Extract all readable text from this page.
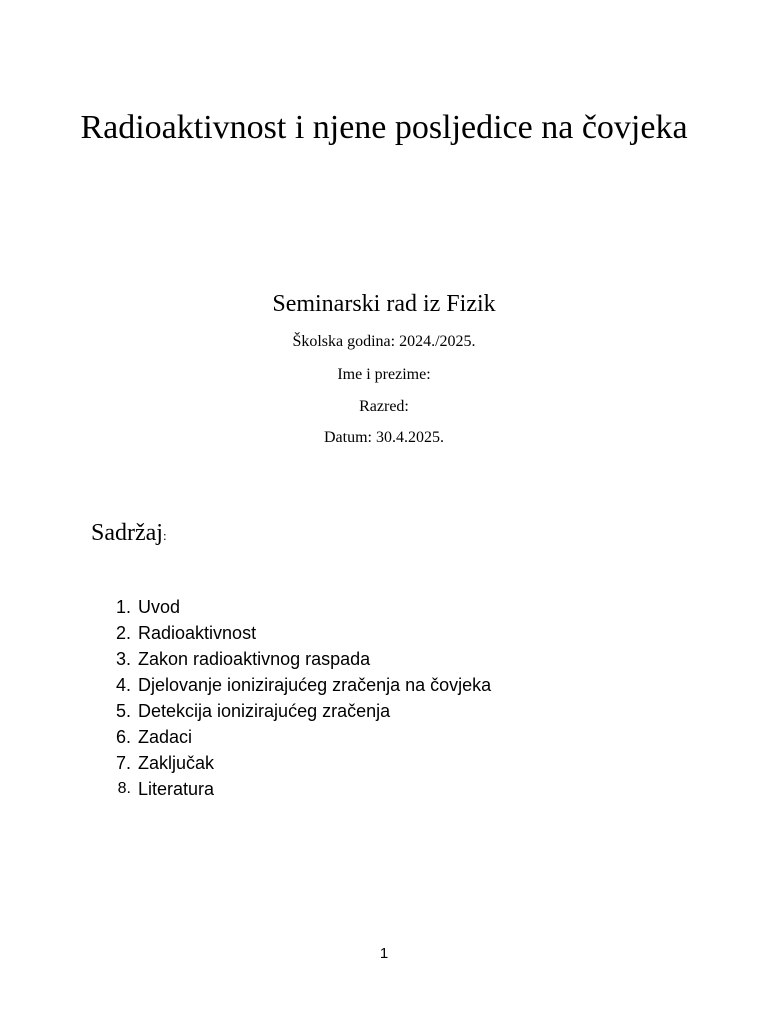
Radioaktivnost i njene posljedice na čovjeka

Seminarski rad iz Fizik

Školska godina: 2024./2025.

Ime i prezime:

Razred:

Datum: 30.4.2025.

Sadržaj:
1. Uvod
2. Radioaktivnost
3. Zakon radioaktivnog raspada
4. Djelovanje ionizirajućeg zračenja na čovjeka
5. Detekcija ionizirajućeg zračenja
6. Zadaci
7. Zaključak
8. Literatura
1
